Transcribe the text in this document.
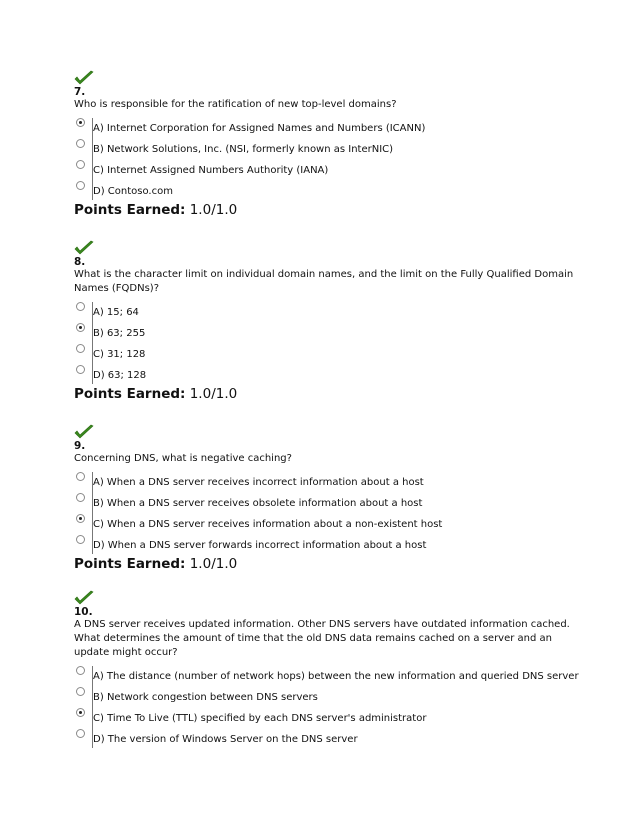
7.
Who is responsible for the ratification of new top-level domains?
A) Internet Corporation for Assigned Names and Numbers (ICANN)
B) Network Solutions, Inc. (NSI, formerly known as InterNIC)
C) Internet Assigned Numbers Authority (IANA)
D) Contoso.com
Points Earned: 1.0/1.0
8.
What is the character limit on individual domain names, and the limit on the Fully Qualified Domain Names (FQDNs)?
A) 15; 64
B) 63; 255
C) 31; 128
D) 63; 128
Points Earned: 1.0/1.0
9.
Concerning DNS, what is negative caching?
A) When a DNS server receives incorrect information about a host
B) When a DNS server receives obsolete information about a host
C) When a DNS server receives information about a non-existent host
D) When a DNS server forwards incorrect information about a host
Points Earned: 1.0/1.0
10.
A DNS server receives updated information. Other DNS servers have outdated information cached. What determines the amount of time that the old DNS data remains cached on a server and an update might occur?
A) The distance (number of network hops) between the new information and queried DNS server
B) Network congestion between DNS servers
C) Time To Live (TTL) specified by each DNS server's administrator
D) The version of Windows Server on the DNS server
